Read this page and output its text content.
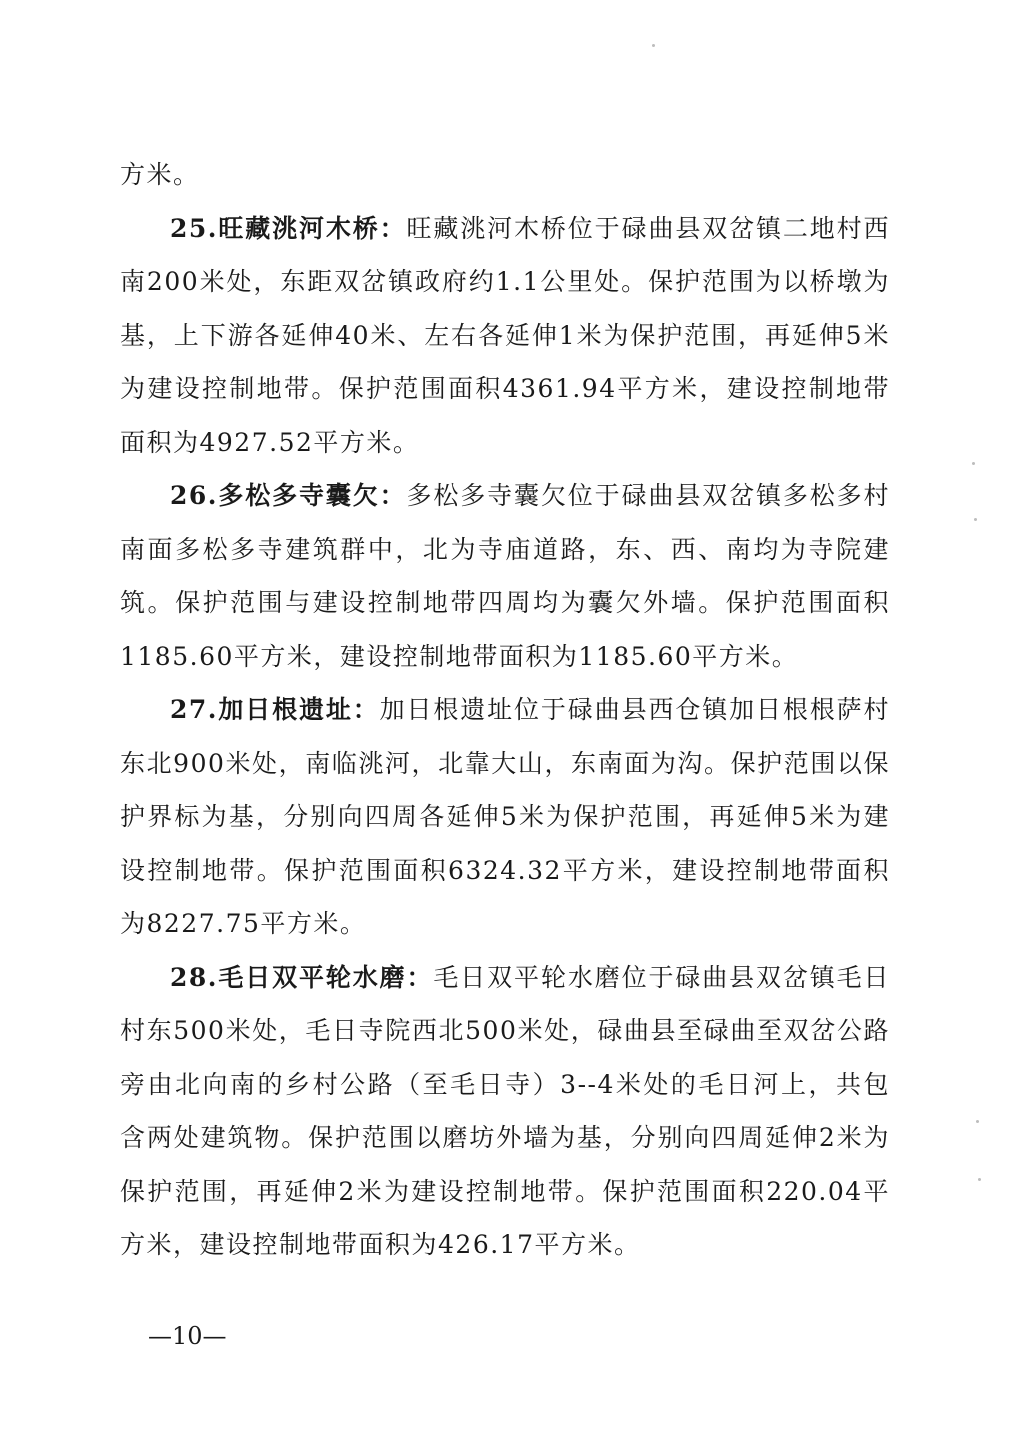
方米。

25.旺藏洮河木桥：旺藏洮河木桥位于碌曲县双岔镇二地村西南200米处，东距双岔镇政府约1.1公里处。保护范围为以桥墩为基，上下游各延伸40米、左右各延伸1米为保护范围，再延伸5米为建设控制地带。保护范围面积4361.94平方米，建设控制地带面积为4927.52平方米。

26.多松多寺囊欠：多松多寺囊欠位于碌曲县双岔镇多松多村南面多松多寺建筑群中，北为寺庙道路，东、西、南均为寺院建筑。保护范围与建设控制地带四周均为囊欠外墙。保护范围面积1185.60平方米，建设控制地带面积为1185.60平方米。

27.加日根遗址：加日根遗址位于碌曲县西仓镇加日根根萨村东北900米处，南临洮河，北靠大山，东南面为沟。保护范围以保护界标为基，分别向四周各延伸5米为保护范围，再延伸5米为建设控制地带。保护范围面积6324.32平方米，建设控制地带面积为8227.75平方米。

28.毛日双平轮水磨：毛日双平轮水磨位于碌曲县双岔镇毛日村东500米处，毛日寺院西北500米处，碌曲县至碌曲至双岔公路旁由北向南的乡村公路（至毛日寺）3--4米处的毛日河上，共包含两处建筑物。保护范围以磨坊外墙为基，分别向四周延伸2米为保护范围，再延伸2米为建设控制地带。保护范围面积220.04平方米，建设控制地带面积为426.17平方米。

—10—
